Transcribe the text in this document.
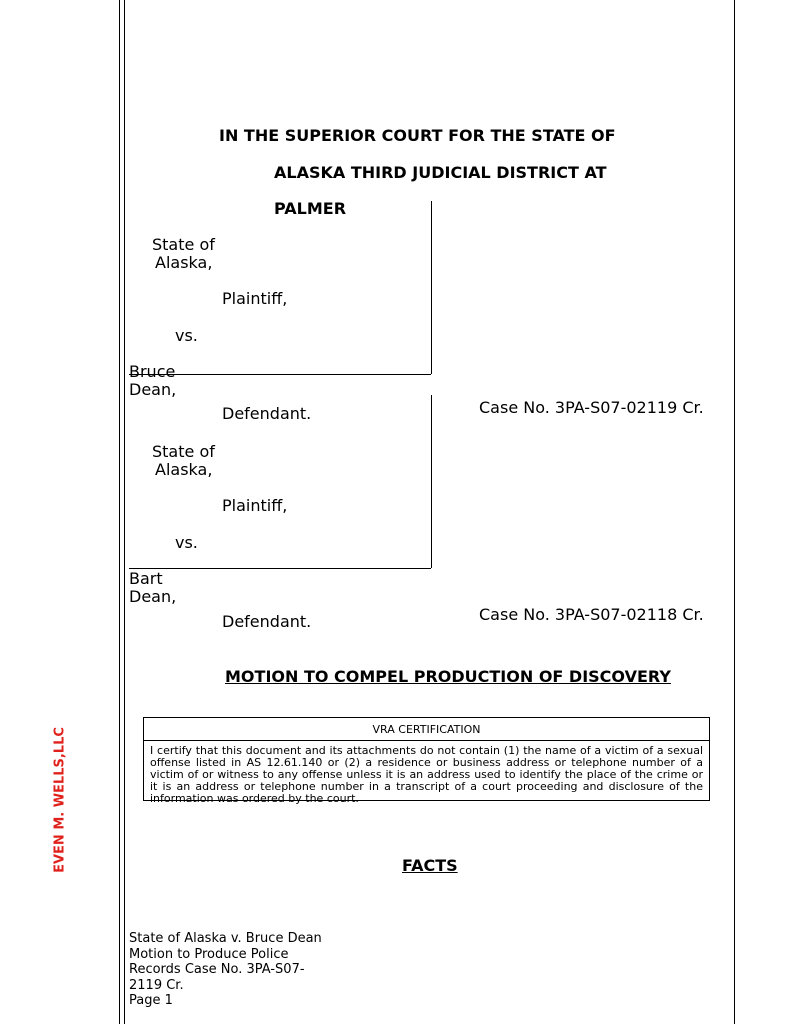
EVEN M. WELLS,LLC
IN THE SUPERIOR COURT FOR THE STATE OF
ALASKA THIRD JUDICIAL DISTRICT AT
PALMER
State of
Alaska,
Plaintiff,
vs.
Bruce
Dean,
Defendant.	Case No. 3PA-S07-02119 Cr.
State of
Alaska,
Plaintiff,
vs.
Bart
Dean,
Defendant.	Case No. 3PA-S07-02118 Cr.
MOTION TO COMPEL PRODUCTION OF DISCOVERY
VRA CERTIFICATION
I certify that this document and its attachments do not contain (1) the name of a victim of a sexual offense listed in AS 12.61.140 or (2) a residence or business address or telephone number of a victim of or witness to any offense unless it is an address used to identify the place of the crime or it is an address or telephone number in a transcript of a court proceeding and disclosure of the information was ordered by the court.
FACTS
State of Alaska v. Bruce Dean
Motion to Produce Police
Records Case No. 3PA-S07-
2119 Cr.
Page 1
